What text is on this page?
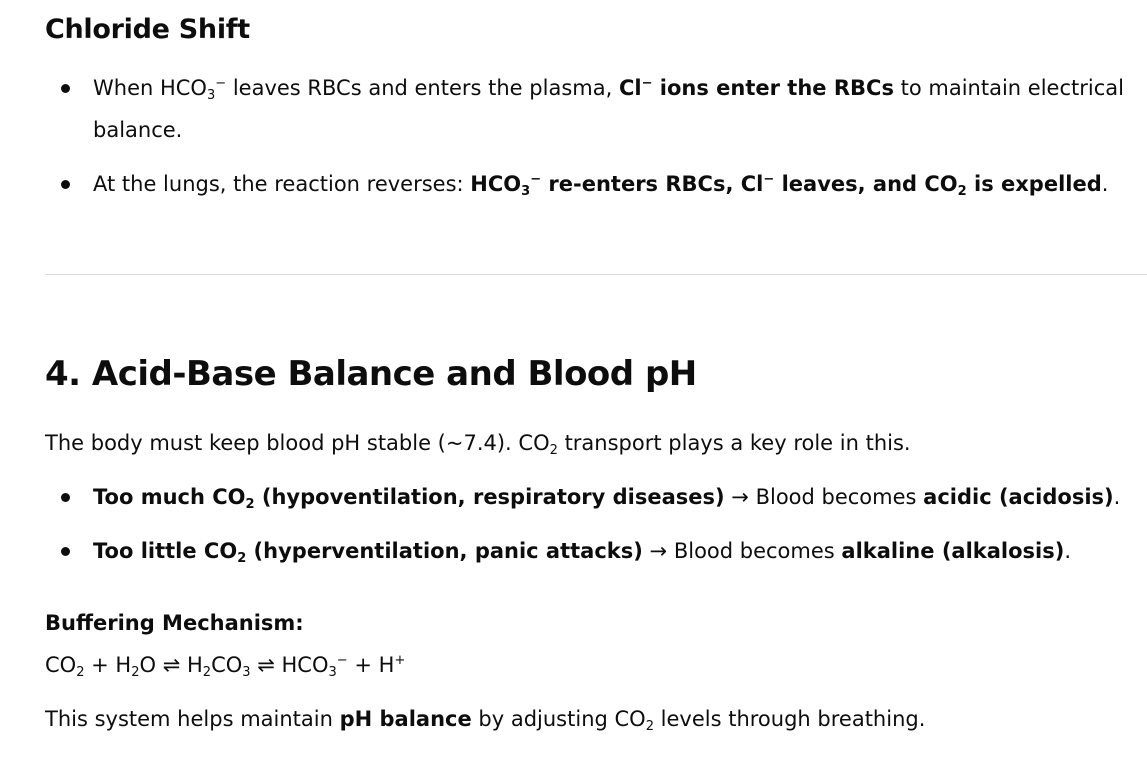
Chloride Shift
When $HCO_3^-$ leaves RBCs and enters the plasma, Cl− ions enter the RBCs to maintain electrical balance.
At the lungs, the reaction reverses: $HCO_3^-$ re-enters RBCs, Cl− leaves, and $CO_2$ is expelled.
4. Acid-Base Balance and Blood pH

The body must keep blood pH stable (~7.4). $CO_2$ transport plays a key role in this.

Too much $CO_2$ (hypoventilation, respiratory diseases) → Blood becomes acidic (acidosis).
Too little $CO_2$ (hyperventilation, panic attacks) → Blood becomes alkaline (alkalosis).

Buffering Mechanism:

$CO_2 + H_2O$ ⇌ $H_2CO_3$ ⇌ $HCO_3^- + H^+$

This system helps maintain pH balance by adjusting $CO_2$ levels through breathing.
